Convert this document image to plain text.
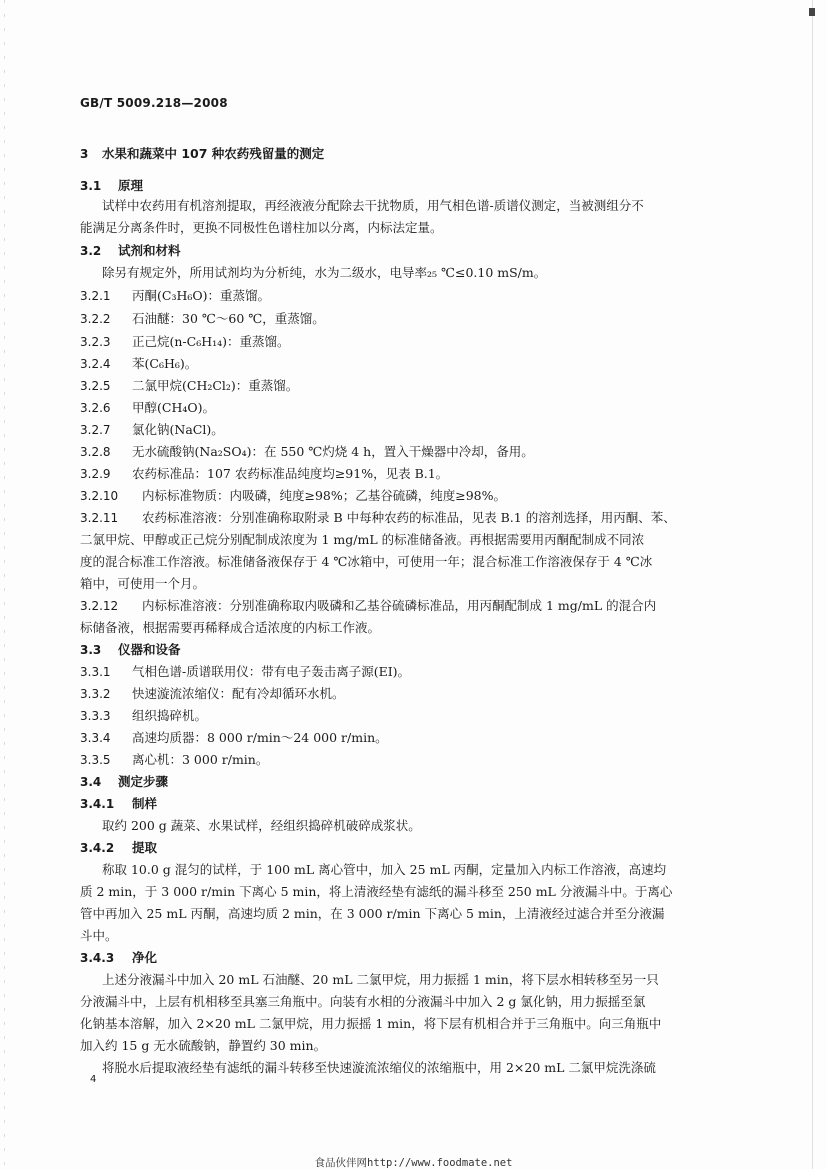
GB/T 5009.218—2008
3 水果和蔬菜中 107 种农药残留量的测定
3.1 原理
试样中农药用有机溶剂提取，再经液液分配除去干扰物质，用气相色谱-质谱仪测定，当被测组分不
能满足分离条件时，更换不同极性色谱柱加以分离，内标法定量。
3.2 试剂和材料
除另有规定外，所用试剂均为分析纯，水为二级水，电导率₂₅ ℃≤0.10 mS/m。
3.2.1 丙酮(C₃H₆O)：重蒸馏。
3.2.2 石油醚：30 ℃～60 ℃，重蒸馏。
3.2.3 正己烷(n-C₆H₁₄)：重蒸馏。
3.2.4 苯(C₆H₆)。
3.2.5 二氯甲烷(CH₂Cl₂)：重蒸馏。
3.2.6 甲醇(CH₄O)。
3.2.7 氯化钠(NaCl)。
3.2.8 无水硫酸钠(Na₂SO₄)：在 550 ℃灼烧 4 h，置入干燥器中冷却，备用。
3.2.9 农药标准品：107 农药标准品纯度均≥91%，见表 B.1。
3.2.10 内标标准物质：内吸磷，纯度≥98%；乙基谷硫磷，纯度≥98%。
3.2.11 农药标准溶液：分别准确称取附录 B 中每种农药的标准品，见表 B.1 的溶剂选择，用丙酮、苯、
二氯甲烷、甲醇或正己烷分别配制成浓度为 1 mg/mL 的标准储备液。再根据需要用丙酮配制成不同浓
度的混合标准工作溶液。标准储备液保存于 4 ℃冰箱中，可使用一年；混合标准工作溶液保存于 4 ℃冰
箱中，可使用一个月。
3.2.12 内标标准溶液：分别准确称取内吸磷和乙基谷硫磷标准品，用丙酮配制成 1 mg/mL 的混合内
标储备液，根据需要再稀释成合适浓度的内标工作液。
3.3 仪器和设备
3.3.1 气相色谱-质谱联用仪：带有电子轰击离子源(EI)。
3.3.2 快速漩流浓缩仪：配有冷却循环水机。
3.3.3 组织捣碎机。
3.3.4 高速均质器：8 000 r/min～24 000 r/min。
3.3.5 离心机：3 000 r/min。
3.4 测定步骤
3.4.1 制样
取约 200 g 蔬菜、水果试样，经组织捣碎机破碎成浆状。
3.4.2 提取
称取 10.0 g 混匀的试样，于 100 mL 离心管中，加入 25 mL 丙酮，定量加入内标工作溶液，高速均
质 2 min，于 3 000 r/min 下离心 5 min，将上清液经垫有滤纸的漏斗移至 250 mL 分液漏斗中。于离心
管中再加入 25 mL 丙酮，高速均质 2 min，在 3 000 r/min 下离心 5 min，上清液经过滤合并至分液漏
斗中。
3.4.3 净化
上述分液漏斗中加入 20 mL 石油醚、20 mL 二氯甲烷，用力振摇 1 min，将下层水相转移至另一只
分液漏斗中，上层有机相移至具塞三角瓶中。向装有水相的分液漏斗中加入 2 g 氯化钠，用力振摇至氯
化钠基本溶解，加入 2×20 mL 二氯甲烷，用力振摇 1 min，将下层有机相合并于三角瓶中。向三角瓶中
加入约 15 g 无水硫酸钠，静置约 30 min。
将脱水后提取液经垫有滤纸的漏斗转移至快速漩流浓缩仪的浓缩瓶中，用 2×20 mL 二氯甲烷洗涤硫
4
食品伙伴网http://www.foodmate.net
